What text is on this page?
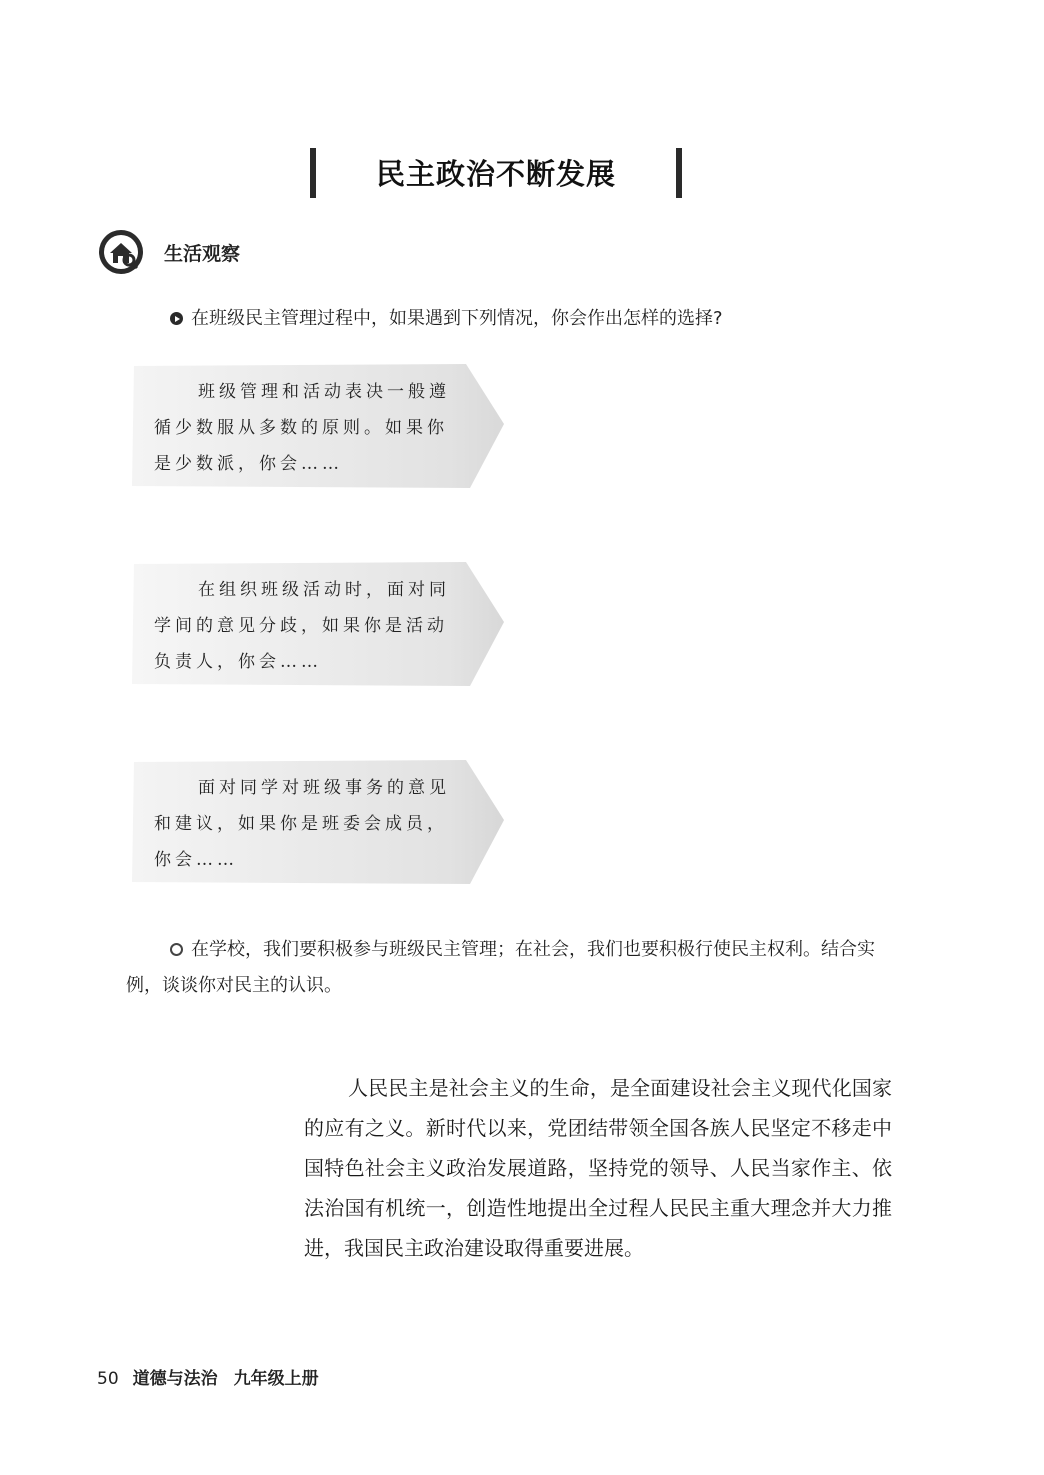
民主政治不断发展
生活观察
在班级民主管理过程中，如果遇到下列情况，你会作出怎样的选择?
班级管理和活动表决一般遵循少数服从多数的原则。如果你是少数派，你会……
在组织班级活动时，面对同学间的意见分歧，如果你是活动负责人，你会……
面对同学对班级事务的意见和建议，如果你是班委会成员，你会……
在学校，我们要积极参与班级民主管理；在社会，我们也要积极行使民主权利。结合实例，谈谈你对民主的认识。
人民民主是社会主义的生命，是全面建设社会主义现代化国家的应有之义。新时代以来，党团结带领全国各族人民坚定不移走中国特色社会主义政治发展道路，坚持党的领导、人民当家作主、依法治国有机统一，创造性地提出全过程人民民主重大理念并大力推进，我国民主政治建设取得重要进展。
50 道德与法治 九年级上册
